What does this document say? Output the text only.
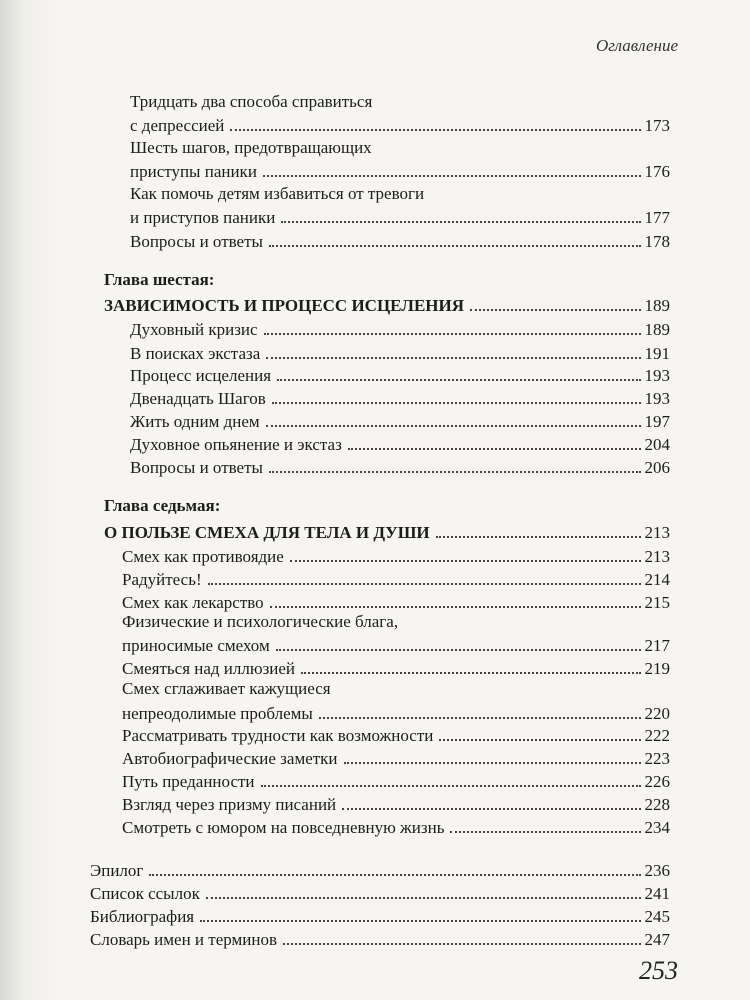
Оглавление
Тридцать два способа справиться
с депрессией	173
Шесть шагов, предотвращающих
приступы паники	176
Как помочь детям избавиться от тревоги
и приступов паники	177
Вопросы и ответы	178
Глава шестая:
ЗАВИСИМОСТЬ И ПРОЦЕСС ИСЦЕЛЕНИЯ	189
Духовный кризис	189
В поисках экстаза	191
Процесс исцеления	193
Двенадцать Шагов	193
Жить одним днем	197
Духовное опьянение и экстаз	204
Вопросы и ответы	206
Глава седьмая:
О ПОЛЬЗЕ СМЕХА ДЛЯ ТЕЛА И ДУШИ	213
Смех как противоядие	213
Радуйтесь!	214
Смех как лекарство	215
Физические и психологические блага,
приносимые смехом	217
Смеяться над иллюзией	219
Смех сглаживает кажущиеся
непреодолимые проблемы	220
Рассматривать трудности как возможности	222
Автобиографические заметки	223
Путь преданности	226
Взгляд через призму писаний	228
Смотреть с юмором на повседневную жизнь	234
Эпилог	236
Список ссылок	241
Библиография	245
Словарь имен и терминов	247
253
